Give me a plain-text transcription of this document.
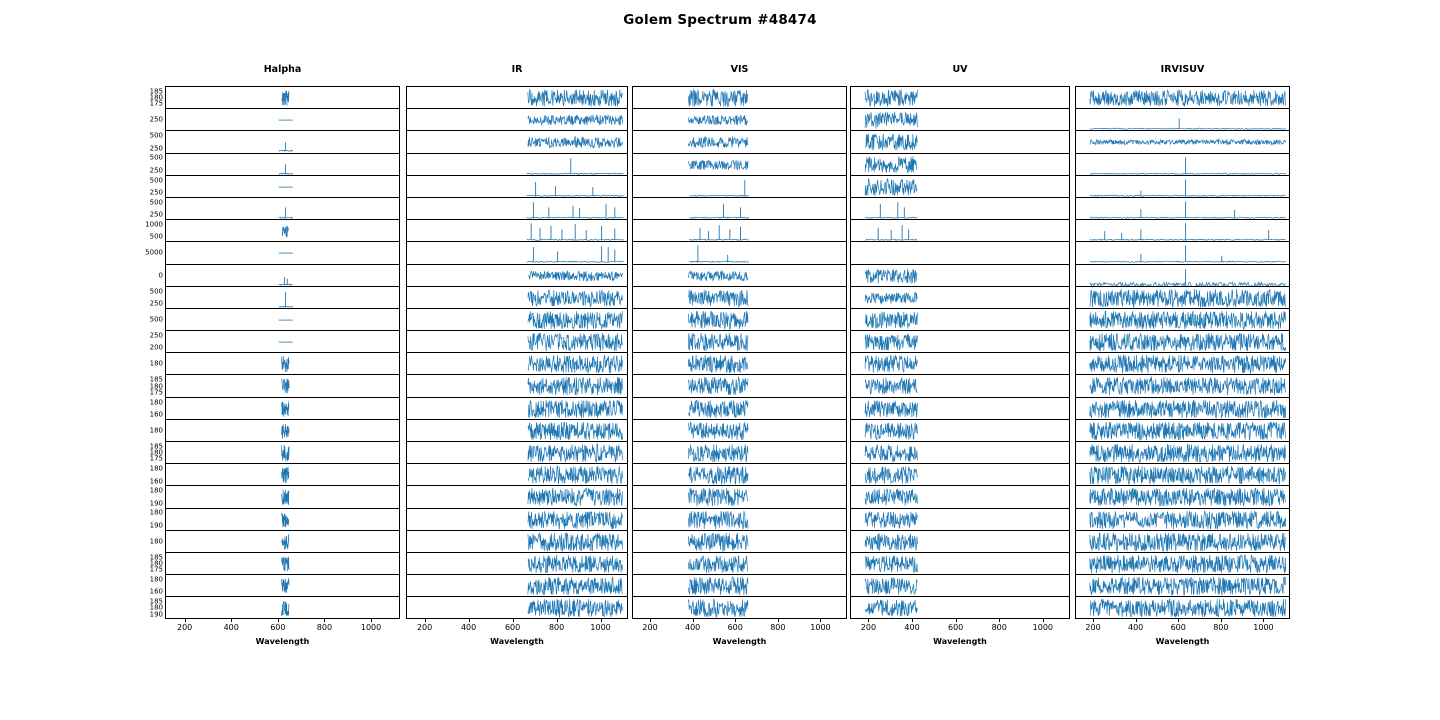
Golem Spectrum #48474
Halpha
185
180
175
250
500
250
500
250
500
250
500
250
1000
500
5000
0
500
250
500
250
200
180
185
180
175
180
160
180
185
180
175
180
160
180
190
180
190
180
185
180
175
180
160
185
180
190
200	400	600	800	1000
Wavelength
IR
200	400	600	800	1000
Wavelength
VIS
200	400	600	800	1000
Wavelength
UV
200	400	600	800	1000
Wavelength
IRVISUV
200	400	600	800	1000
Wavelength
